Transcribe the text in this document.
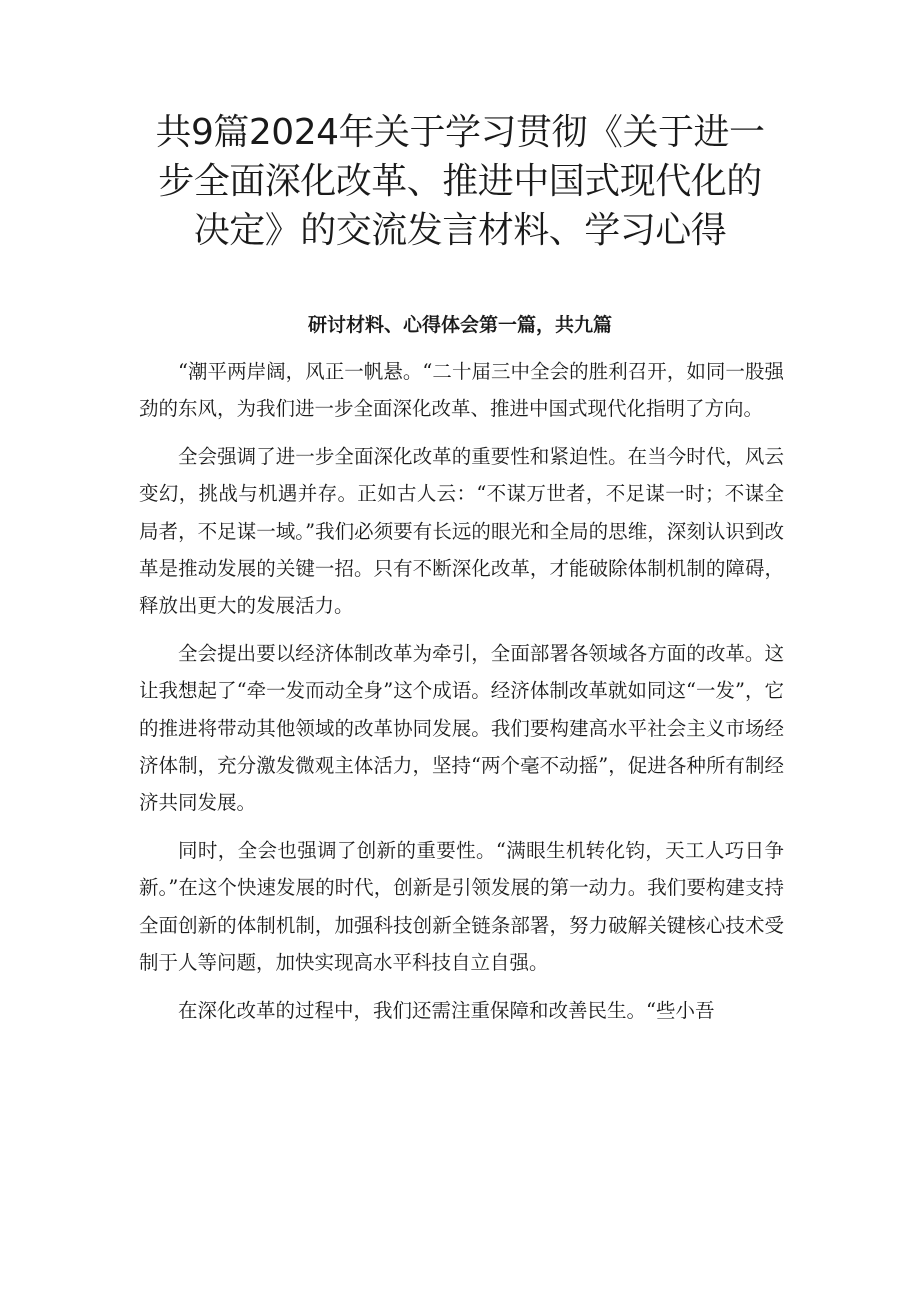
共9篇2024年关于学习贯彻《关于进一步全面深化改革、推进中国式现代化的决定》的交流发言材料、学习心得
研讨材料、心得体会第一篇，共九篇

“潮平两岸阔，风正一帆悬。“二十届三中全会的胜利召开，如同一股强劲的东风，为我们进一步全面深化改革、推进中国式现代化指明了方向。

全会强调了进一步全面深化改革的重要性和紧迫性。在当今时代，风云变幻，挑战与机遇并存。正如古人云：“不谋万世者，不足谋一时；不谋全局者，不足谋一域。”我们必须要有长远的眼光和全局的思维，深刻认识到改革是推动发展的关键一招。只有不断深化改革，才能破除体制机制的障碍，释放出更大的发展活力。

全会提出要以经济体制改革为牵引，全面部署各领域各方面的改革。这让我想起了“牵一发而动全身”这个成语。经济体制改革就如同这“一发”，它的推进将带动其他领域的改革协同发展。我们要构建高水平社会主义市场经济体制，充分激发微观主体活力，坚持“两个毫不动摇”，促进各种所有制经济共同发展。

同时，全会也强调了创新的重要性。“满眼生机转化钧，天工人巧日争新。”在这个快速发展的时代，创新是引领发展的第一动力。我们要构建支持全面创新的体制机制，加强科技创新全链条部署，努力破解关键核心技术受制于人等问题，加快实现高水平科技自立自强。

在深化改革的过程中，我们还需注重保障和改善民生。“些小吾
